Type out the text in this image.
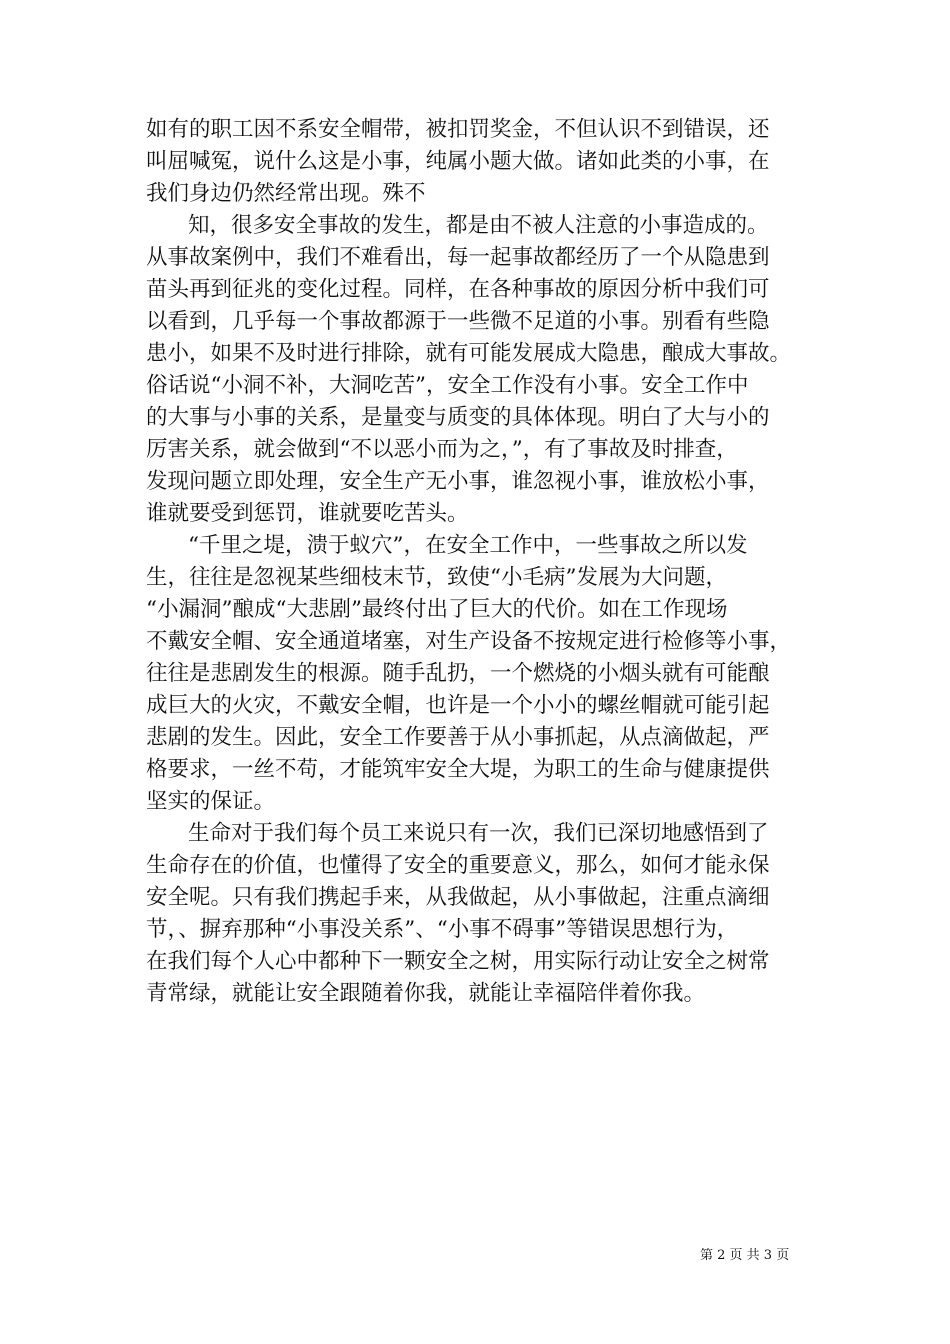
如有的职工因不系安全帽带，被扣罚奖金，不但认识不到错误，还
叫屈喊冤，说什么这是小事，纯属小题大做。诸如此类的小事，在
我们身边仍然经常出现。殊不
知，很多安全事故的发生，都是由不被人注意的小事造成的。
从事故案例中，我们不难看出，每一起事故都经历了一个从隐患到
苗头再到征兆的变化过程。同样，在各种事故的原因分析中我们可
以看到，几乎每一个事故都源于一些微不足道的小事。别看有些隐
患小，如果不及时进行排除，就有可能发展成大隐患，酿成大事故。
俗话说“小洞不补，大洞吃苦”，安全工作没有小事。安全工作中
的大事与小事的关系，是量变与质变的具体体现。明白了大与小的
厉害关系，就会做到“不以恶小而为之，”，有了事故及时排查，
发现问题立即处理，安全生产无小事，谁忽视小事，谁放松小事，
谁就要受到惩罚，谁就要吃苦头。
“千里之堤，溃于蚁穴”，在安全工作中，一些事故之所以发
生，往往是忽视某些细枝末节，致使“小毛病”发展为大问题，
“小漏洞”酿成“大悲剧”最终付出了巨大的代价。如在工作现场
不戴安全帽、安全通道堵塞，对生产设备不按规定进行检修等小事，
往往是悲剧发生的根源。随手乱扔，一个燃烧的小烟头就有可能酿
成巨大的火灾，不戴安全帽，也许是一个小小的螺丝帽就可能引起
悲剧的发生。因此，安全工作要善于从小事抓起，从点滴做起，严
格要求，一丝不苟，才能筑牢安全大堤，为职工的生命与健康提供
坚实的保证。
生命对于我们每个员工来说只有一次，我们已深切地感悟到了
生命存在的价值，也懂得了安全的重要意义，那么，如何才能永保
安全呢。只有我们携起手来，从我做起，从小事做起，注重点滴细
节，、摒弃那种“小事没关系”、“小事不碍事”等错误思想行为，
在我们每个人心中都种下一颗安全之树，用实际行动让安全之树常
青常绿，就能让安全跟随着你我，就能让幸福陪伴着你我。
第 2 页 共 3 页
